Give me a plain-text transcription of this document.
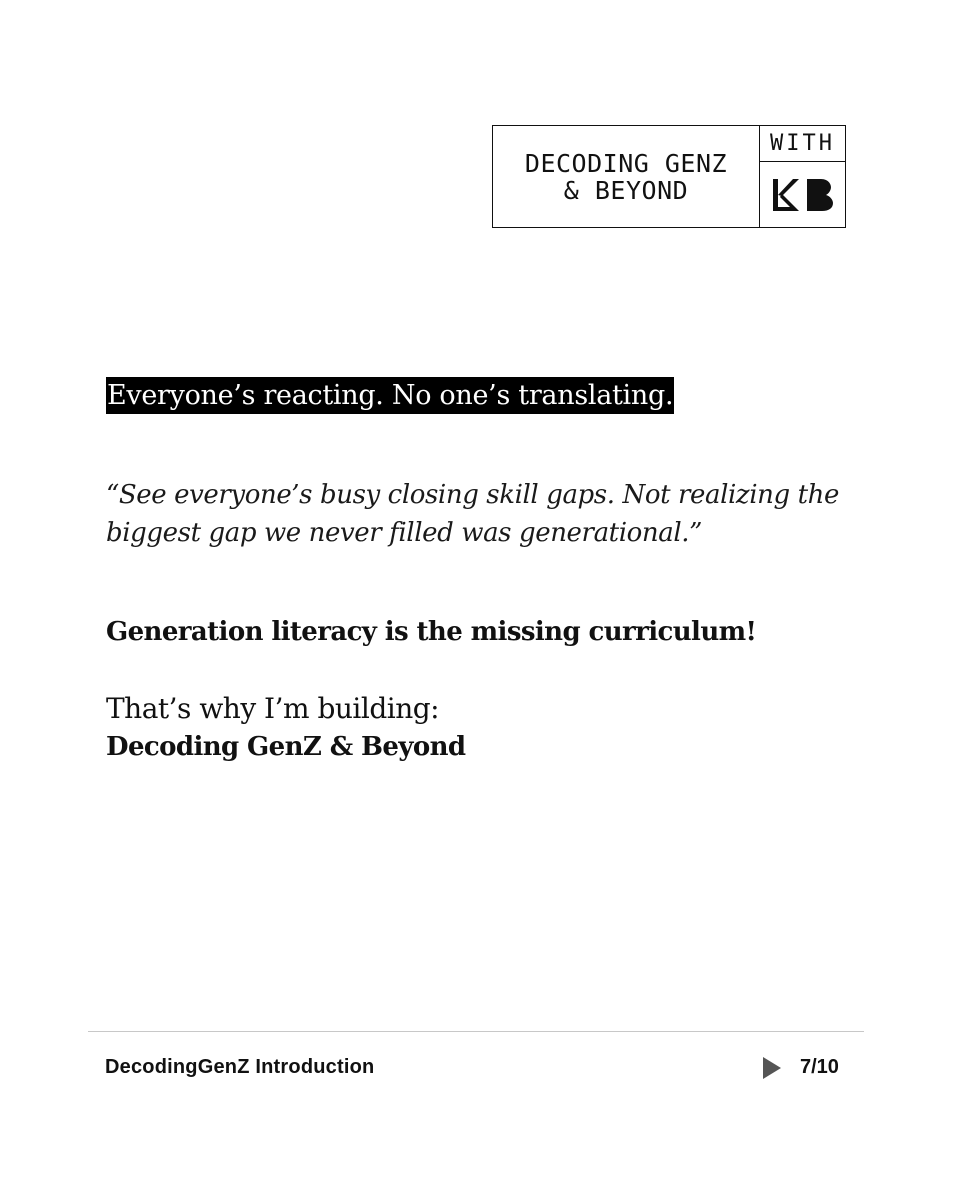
DECODING GENZ
& BEYOND
WITH
Everyone’s reacting. No one’s translating.
“See everyone’s busy closing skill gaps. Not realizing the
biggest gap we never filled was generational.”
Generation literacy is the missing curriculum!
That’s why I’m building:
Decoding GenZ & Beyond
DecodingGenZ Introduction	7/10
